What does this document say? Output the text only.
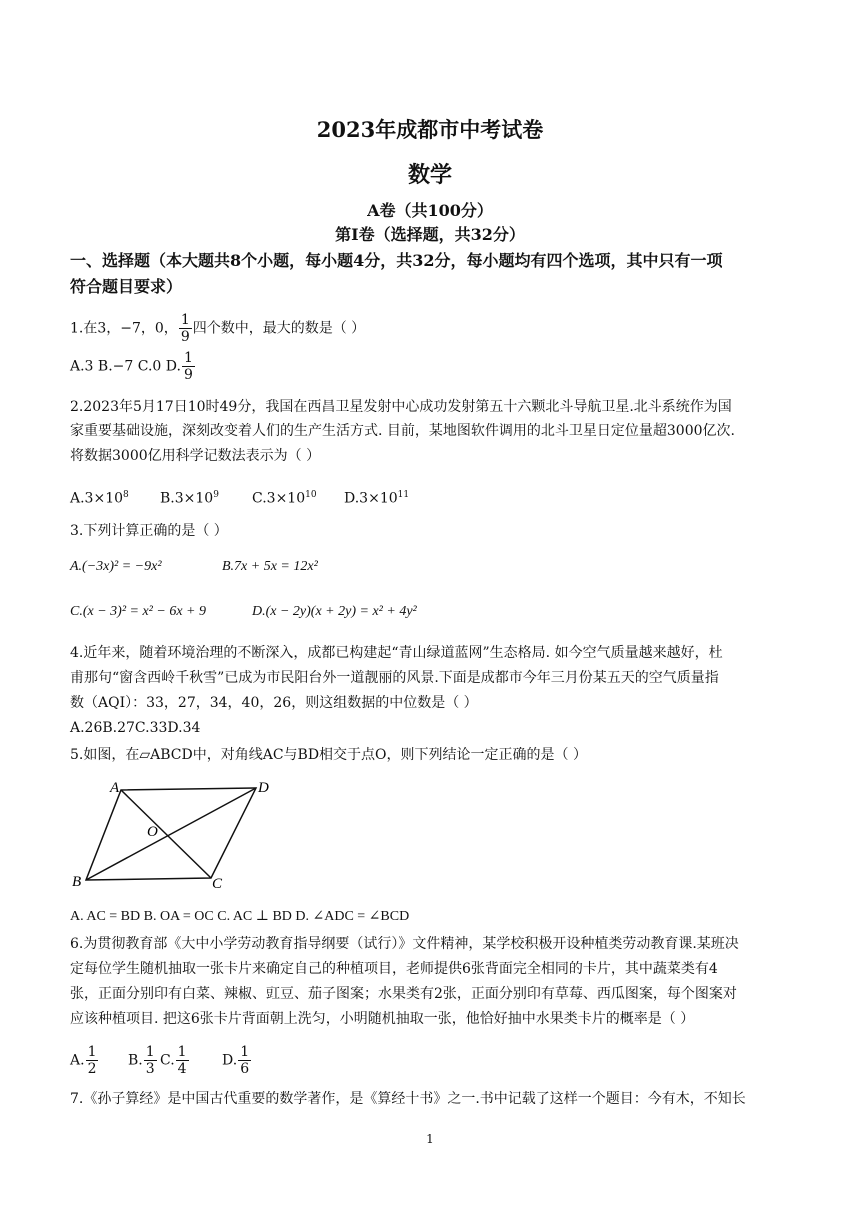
2023年成都市中考试卷
数学
A卷（共100分）
第Ⅰ卷（选择题，共32分）
一、选择题（本大题共8个小题，每小题4分，共32分，每小题均有四个选项，其中只有一项
符合题目要求）
1.在3，−7，0， $\frac{1}{9}$ 四个数中，最大的数是（ ）
A.3 B.−7 C.0 D. $\frac{1}{9}$
2.2023年5月17日10时49分，我国在西昌卫星发射中心成功发射第五十六颗北斗导航卫星.北斗系统作为国
家重要基础设施，深刻改变着人们的生产生活方式. 目前，某地图软件调用的北斗卫星日定位量超3000亿次.
将数据3000亿用科学记数法表示为（ ）
$A.3\times 10^8$ $B.3\times 10^9$ $C.3\times 10^{10}$ $D.3\times 10^{11}$
3.下列计算正确的是（ ）
A.(−3x)² = −9x²	B.7x + 5x = 12x²
C.(x − 3)² = x² − 6x + 9	D.(x − 2y)(x + 2y) = x² + 4y²
4.近年来，随着环境治理的不断深入，成都已构建起“青山绿道蓝网”生态格局. 如今空气质量越来越好，杜
甫那句“窗含西岭千秋雪”已成为市民阳台外一道靓丽的风景.下面是成都市今年三月份某五天的空气质量指
数（AQI）：33，27，34，40，26，则这组数据的中位数是（ ）
A.26B.27C.33D.34
5.如图，在▱ABCD中，对角线AC与BD相交于点O，则下列结论一定正确的是（ ）
A	D
O
B	C
A. AC = BD B. OA = OC C. AC ⊥ BD D. ∠ADC = ∠BCD
6.为贯彻教育部《大中小学劳动教育指导纲要（试行）》文件精神，某学校积极开设种植类劳动教育课.某班决
定每位学生随机抽取一张卡片来确定自己的种植项目，老师提供6张背面完全相同的卡片，其中蔬菜类有4
张，正面分别印有白菜、辣椒、豇豆、茄子图案；水果类有2张，正面分别印有草莓、西瓜图案，每个图案对
应该种植项目. 把这6张卡片背面朝上洗匀，小明随机抽取一张，他恰好抽中水果类卡片的概率是（ ）
A. $\frac{1}{2} B$. $\frac{1}{3} C$. $\frac{1}{4} D$. $\frac{1}{6}$
7.《孙子算经》是中国古代重要的数学著作，是《算经十书》之一.书中记载了这样一个题目：今有木，不知长
1
